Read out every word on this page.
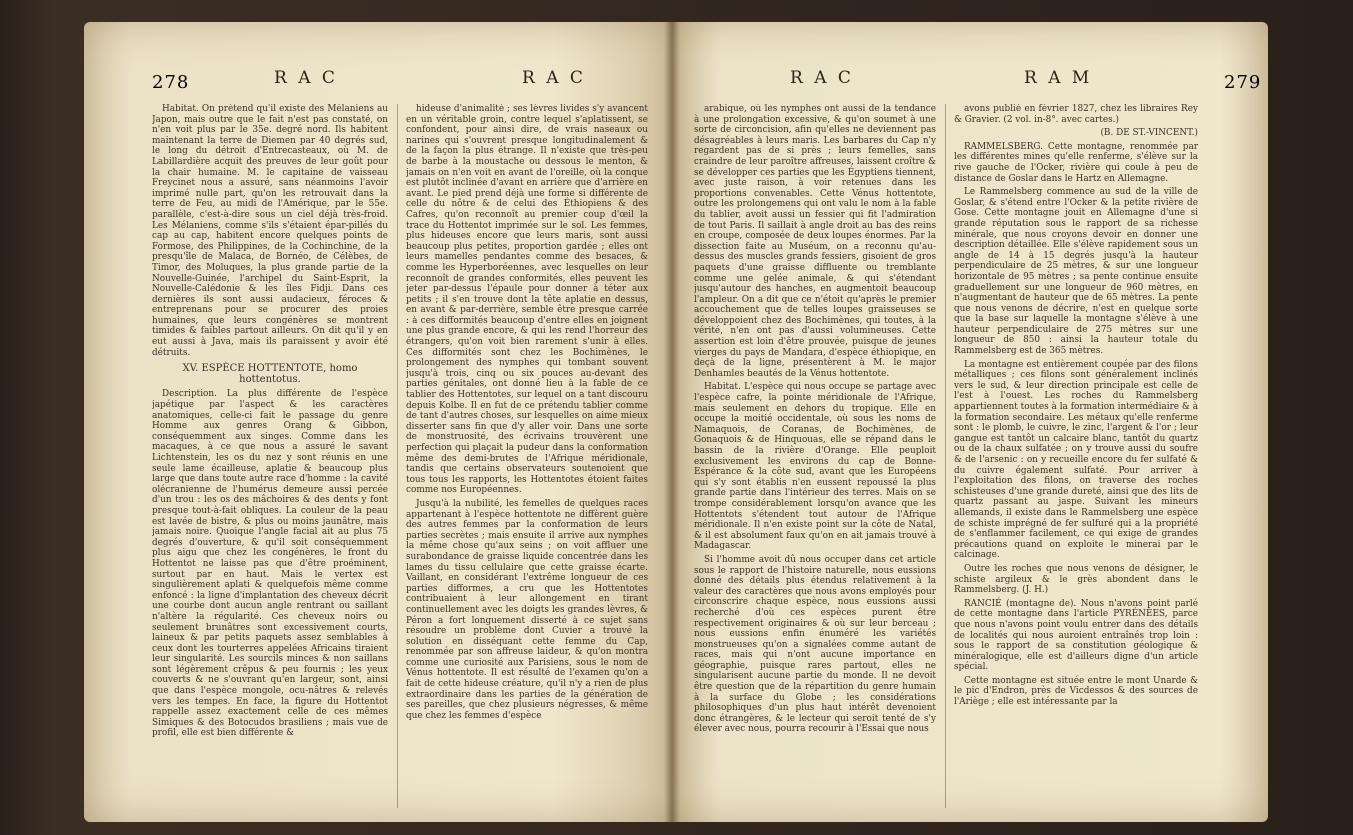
278	R A C	R A C

Habitat. On prétend qu'il existe des Mélaniens au Japon, mais outre que le fait n'est pas constaté, on n'en voit plus par le 35e. degré nord. Ils habitent maintenant la terre de Diemen par 40 degrés sud, le long du détroit d'Entrecasteaux, où M. de Labillardière acquit des preuves de leur goût pour la chair humaine. M. le capitaine de vaisseau Freycinet nous a assuré, sans néanmoins l'avoir imprimé nulle part, qu'on les retrouvait dans la terre de Feu, au midi de l'Amérique, par le 55e. parallèle, c'est-à-dire sous un ciel déjà très-froid. Les Mélaniens, comme s'ils s'étaient épar-pillés du cap au cap, habitent encore quelques points de Formose, des Philippines, de la Cochinchine, de la presqu'île de Malaca, de Bornéo, de Célèbes, de Timor, des Moluques, la plus grande partie de la Nouvelle-Guinée, l'archipel du Saint-Esprit, la Nouvelle-Calédonie & les îles Fidji. Dans ces dernières ils sont aussi audacieux, féroces & entreprenans pour se procurer des proies humaines, que leurs congénères se montrent timides & faibles partout ailleurs. On dit qu'il y en eut aussi à Java, mais ils paraissent y avoir été détruits.

XV. ESPÈCE HOTTENTOTE, homo hottentotus.

Description. La plus différente de l'espèce japétique par l'aspect & les caractères anatomiques, celle-ci fait le passage du genre Homme aux genres Orang & Gibbon, conséquemment aux singes. Comme dans les macaques, à ce que nous a assuré le savant Lichtenstein, les os du nez y sont réunis en une seule lame écailleuse, aplatie & beaucoup plus large que dans toute autre race d'homme : la cavité olécranienne de l'humérus demeure aussi percée d'un trou : les os des mâchoires & des dents y font presque tout-à-fait obliques. La couleur de la peau est lavée de bistre, & plus ou moins jaunâtre, mais jamais noire. Quoique l'angle facial ait au plus 75 degrés d'ouverture, & qu'il soit conséquemment plus aigu que chez les congénères, le front du Hottentot ne laisse pas que d'être proéminent, surtout par en haut. Mais le vertex est singulièrement aplati & quelquefois même comme enfoncé : la ligne d'implantation des cheveux décrit une courbe dont aucun angle rentrant ou saillant n'altère la régularité. Ces cheveux noirs ou seulement brunâtres sont excessivement courts, laineux & par petits paquets assez semblables à ceux dont les tourterres appelées Africains tiraient leur singularité. Les sourcils minces & non saillans sont légèrement crêpus & peu fournis ; les yeux couverts & ne s'ouvrant qu'en largeur, sont, ainsi que dans l'espèce mongole, ocu-nâtres & relevés vers les tempes. En face, la figure du Hottentot rappelle assez exactement celle de ces mêmes Simiques & des Botocudos brasiliens ; mais vue de profil, elle est bien différente &

hideuse d'animalité ; ses lèvres livides s'y avancent en un véritable groin, contre lequel s'aplatissent, se confondent, pour ainsi dire, de vrais naseaux ou narines qui s'ouvrent presque longitudinalement & de la façon la plus étrange. Il n'existe que très-peu de barbe à la moustache ou dessous le menton, & jamais on n'en voit en avant de l'oreille, où la conque est plutôt inclinée d'avant en arrière que d'arrière en avant. Le pied prend déjà une forme si différente de celle du nôtre & de celui des Éthiopiens & des Cafres, qu'on reconnoît au premier coup d'œil la trace du Hottentot imprimée sur le sol. Les femmes, plus hideuses encore que leurs maris, sont aussi beaucoup plus petites, proportion gardée ; elles ont leurs mamelles pendantes comme des besaces, & comme les Hyperboréennes, avec lesquelles on leur reconnoît de grandes conformités, elles peuvent les jeter par-dessus l'épaule pour donner à téter aux petits ; il s'en trouve dont la tête aplatie en dessus, en avant & par-derrière, semble être presque carrée : à ces difformités beaucoup d'entre elles en joignent une plus grande encore, & qui les rend l'horreur des étrangers, qu'on voit bien rarement s'unir à elles. Ces difformités sont chez les Bochimènes, le prolongement des nymphes qui tombant souvent jusqu'à trois, cinq ou six pouces au-devant des parties génitales, ont donné lieu à la fable de ce tablier des Hottentotes, sur lequel on a tant discouru depuis Kolbe. Il en fut de ce prétendu tablier comme de tant d'autres choses, sur lesquelles on aime mieux disserter sans fin que d'y aller voir. Dans une sorte de monstruosité, des écrivains trouvèrent une perfection qui plaçait la pudeur dans la conformation même des demi-brutes de l'Afrique méridionale, tandis que certains observateurs soutenoient que tous tous les rapports, les Hottentotes étoient faites comme nos Européennes.

Jusqu'à la nubilité, les femelles de quelques races appartenant à l'espèce hottentote ne diffèrent guère des autres femmes par la conformation de leurs parties secrètes ; mais ensuite il arrive aux nymphes la même chose qu'aux seins ; on voit affluer une surabondance de graisse liquide concentrée dans les lames du tissu cellulaire que cette graisse écarte. Vaillant, en considérant l'extrême longueur de ces parties difformes, a cru que les Hottentotes contribuaient à leur allongement en tirant continuellement avec les doigts les grandes lèvres, & Péron a fort longuement disserté à ce sujet sans résoudre un problème dont Cuvier a trouvé la solution en disséquant cette femme du Cap, renommée par son affreuse laideur, & qu'on montra comme une curiosité aux Parisiens, sous le nom de Vénus hottentote. Il est résulté de l'examen qu'on a fait de cette hideuse créature, qu'il n'y a rien de plus extraordinaire dans les parties de la génération de ses pareilles, que chez plusieurs négresses, & même que chez les femmes d'espèce

R A C	R A M	279

arabique, où les nymphes ont aussi de la tendance à une prolongation excessive, & qu'on soumet à une sorte de circoncision, afin qu'elles ne deviennent pas désagréables à leurs maris. Les barbares du Cap n'y regardent pas de si près ; leurs femelles, sans craindre de leur paroître affreuses, laissent croître & se développer ces parties que les Égyptiens tiennent, avec juste raison, à voir retenues dans les proportions convenables. Cette Vénus hottentote, outre les prolongemens qui ont valu le nom à la fable du tablier, avoit aussi un fessier qui fit l'admiration de tout Paris. Il saillait à angle droit au bas des reins en croupe, composée de deux loupes énormes. Par la dissection faite au Muséum, on a reconnu qu'au-dessus des muscles grands fessiers, gisoient de gros paquets d'une graisse diffluente ou tremblante comme une gelée animale, & qui s'étendant jusqu'autour des hanches, en augmentoit beaucoup l'ampleur. On a dit que ce n'étoit qu'après le premier accouchement que de telles loupes graisseuses se développoient chez des Bochimènes, qui toutes, à la vérité, n'en ont pas d'aussi volumineuses. Cette assertion est loin d'être prouvée, puisque de jeunes vierges du pays de Mandara, d'espèce éthiopique, en deçà de la ligne, présentèrent à M. le major Denhamles beautés de la Vénus hottentote.

Habitat. L'espèce qui nous occupe se partage avec l'espèce cafre, la pointe méridionale de l'Afrique, mais seulement en dehors du tropique. Elle en occupe la moitié occidentale, où sous les noms de Namaquois, de Coranas, de Bochimènes, de Gonaquois & de Hinquouas, elle se répand dans le bassin de la rivière d'Orange. Elle peuploit exclusivement les environs du cap de Bonne-Espérance & la côte sud, avant que les Européens qui s'y sont établis n'en eussent repoussé la plus grande partie dans l'intérieur des terres. Mais on se trompe considérablement lorsqu'on avance que les Hottentots s'étendent tout autour de l'Afrique méridionale. Il n'en existe point sur la côte de Natal, & il est absolument faux qu'on en ait jamais trouvé à Madagascar.

Si l'homme avoit dû nous occuper dans cet article sous le rapport de l'histoire naturelle, nous eussions donné des détails plus étendus relativement à la valeur des caractères que nous avons employés pour circonscrire chaque espèce, nous eussions aussi recherché d'où ces espèces purent être respectivement originaires & où sur leur berceau ; nous eussions enfin énuméré les variétés monstrueuses qu'on a signalées comme autant de races, mais qui n'ont aucune importance en géographie, puisque rares partout, elles ne singularisent aucune partie du monde. Il ne devoit être question que de la répartition du genre humain à la surface du Globe ; les considérations philosophiques d'un plus haut intérêt devenoient donc étrangères, & le lecteur qui seroit tenté de s'y élever avec nous, pourra recourir à l'Essai que nous

avons publié en février 1827, chez les libraires Rey & Gravier. (2 vol. in-8°. avec cartes.)

(B. DE ST.-VINCENT.)

RAMMELSBERG. Cette montagne, renommée par les différentes mines qu'elle renferme, s'élève sur la rive gauche de l'Ocker, rivière qui coule à peu de distance de Goslar dans le Hartz en Allemagne.

Le Rammelsberg commence au sud de la ville de Goslar, & s'étend entre l'Ocker & la petite rivière de Gose. Cette montagne jouit en Allemagne d'une si grande réputation sous le rapport de sa richesse minérale, que nous croyons devoir en donner une description détaillée. Elle s'élève rapidement sous un angle de 14 à 15 degrés jusqu'à la hauteur perpendiculaire de 25 mètres, & sur une longueur horizontale de 95 mètres ; sa pente continue ensuite graduellement sur une longueur de 960 mètres, en n'augmentant de hauteur que de 65 mètres. La pente que nous venons de décrire, n'est en quelque sorte que la base sur laquelle la montagne s'élève à une hauteur perpendiculaire de 275 mètres sur une longueur de 850 : ainsi la hauteur totale du Rammelsberg est de 365 mètres.

La montagne est entièrement coupée par des filons métalliques ; ces filons sont généralement inclinés vers le sud, & leur direction principale est celle de l'est à l'ouest. Les roches du Rammelsberg appartiennent toutes à la formation intermédiaire & à la formation secondaire. Les métaux qu'elle renferme sont : le plomb, le cuivre, le zinc, l'argent & l'or ; leur gangue est tantôt un calcaire blanc, tantôt du quartz ou de la chaux sulfatée ; on y trouve aussi du soufre & de l'arsenic : on y recueille encore du fer sulfaté & du cuivre également sulfaté. Pour arriver à l'exploitation des filons, on traverse des roches schisteuses d'une grande dureté, ainsi que des lits de quartz passant au jaspe. Suivant les mineurs allemands, il existe dans le Rammelsberg une espèce de schiste imprégné de fer sulfuré qui a la propriété de s'enflammer facilement, ce qui exige de grandes précautions quand on exploite le minerai par le calcinage.

Outre les roches que nous venons de désigner, le schiste argileux & le grès abondent dans le Rammelsberg. (J. H.)

RANCIÉ (montagne de). Nous n'avons point parlé de cette montagne dans l'article PYRÉNÉES, parce que nous n'avons point voulu entrer dans des détails de localités qui nous auroient entraînés trop loin : sous le rapport de sa constitution géologique & minéralogique, elle est d'ailleurs digne d'un article spécial.

Cette montagne est située entre le mont Unarde & le pic d'Endron, près de Vicdessos & des sources de l'Ariège ; elle est intéressante par la
